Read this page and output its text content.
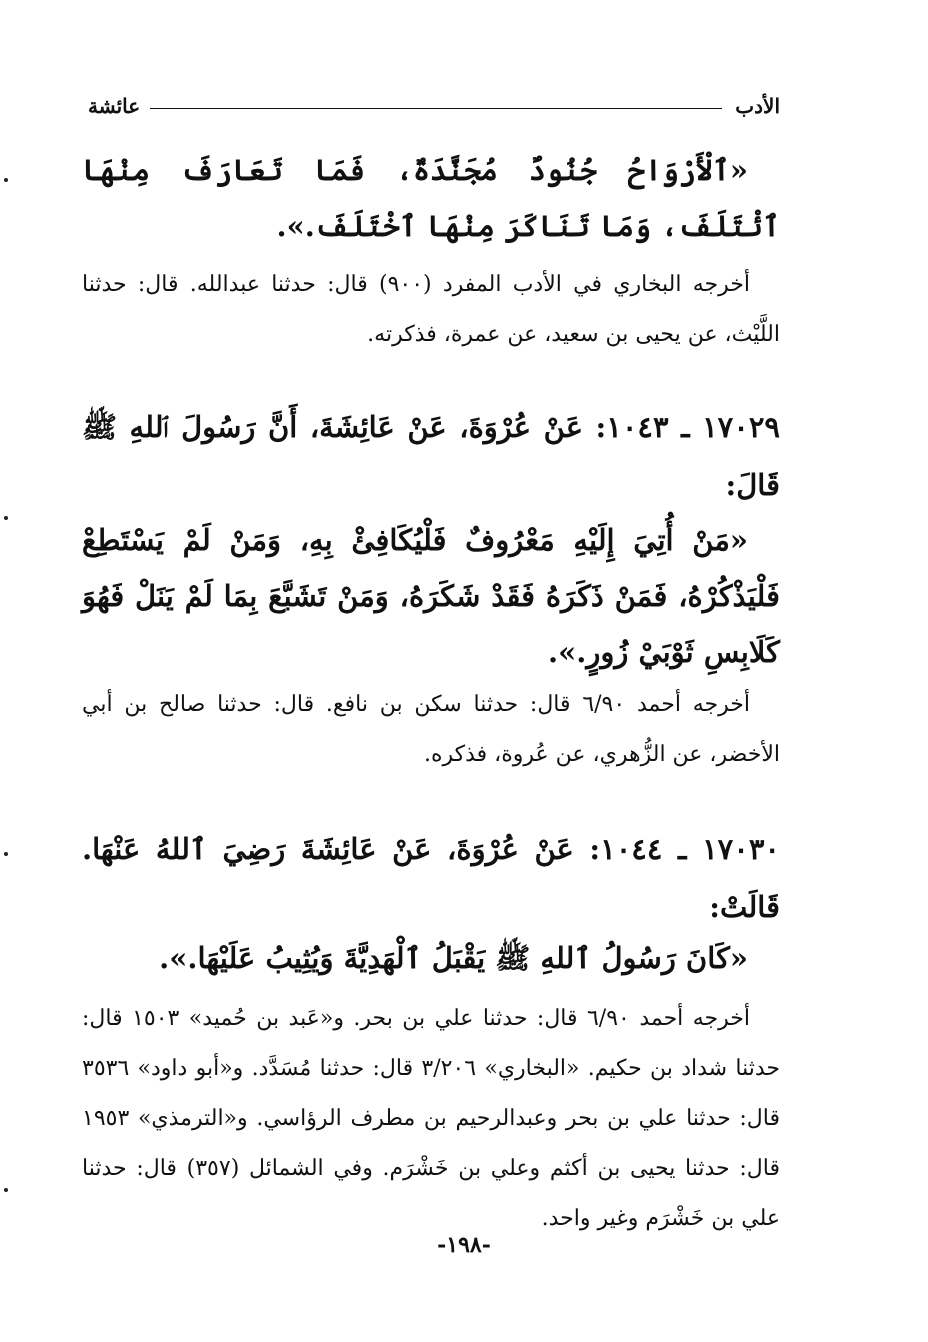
الأدب
عائشة
«ٱلْأَرْوَاحُ جُنُودٌ مُجَنَّدَةٌ، فَمَا تَعَارَفَ مِنْهَا ٱئْتَلَفَ، وَمَا تَنَاكَرَ مِنْهَا ٱخْتَلَفَ.».
أخرجه البخاري في الأدب المفرد (٩٠٠) قال: حدثنا عبدالله. قال: حدثنا اللَّيْث، عن يحيى بن سعيد، عن عمرة، فذكرته.
١٧٠٢٩ ـ ١٠٤٣: عَنْ عُرْوَةَ، عَنْ عَائِشَةَ، أَنَّ رَسُولَ ٱللهِ ﷺ قَالَ:
«مَنْ أُتِيَ إِلَيْهِ مَعْرُوفٌ فَلْيُكَافِئْ بِهِ، وَمَنْ لَمْ يَسْتَطِعْ فَلْيَذْكُرْهُ، فَمَنْ ذَكَرَهُ فَقَدْ شَكَرَهُ، وَمَنْ تَشَبَّعَ بِمَا لَمْ يَنَلْ فَهُوَ كَلَابِسِ ثَوْبَيْ زُورٍ.».
أخرجه أحمد ٦/٩٠ قال: حدثنا سكن بن نافع. قال: حدثنا صالح بن أبي الأخضر، عن الزُّهري، عن عُروة، فذكره.
١٧٠٣٠ ـ ١٠٤٤: عَنْ عُرْوَةَ، عَنْ عَائِشَةَ رَضِيَ ٱللهُ عَنْهَا. قَالَتْ:
«كَانَ رَسُولُ ٱللهِ ﷺ يَقْبَلُ ٱلْهَدِيَّةَ وَيُثِيبُ عَلَيْهَا.».
أخرجه أحمد ٦/٩٠ قال: حدثنا علي بن بحر. و«عَبد بن حُميد» ١٥٠٣ قال: حدثنا شداد بن حكيم. «البخاري» ٣/٢٠٦ قال: حدثنا مُسَدَّد. و«أبو داود» ٣٥٣٦ قال: حدثنا علي بن بحر وعبدالرحيم بن مطرف الرؤاسي. و«الترمذي» ١٩٥٣ قال: حدثنا يحيى بن أكثم وعلي بن خَشْرَم. وفي الشمائل (٣٥٧) قال: حدثنا علي بن خَشْرَم وغير واحد.
-١٩٨-
